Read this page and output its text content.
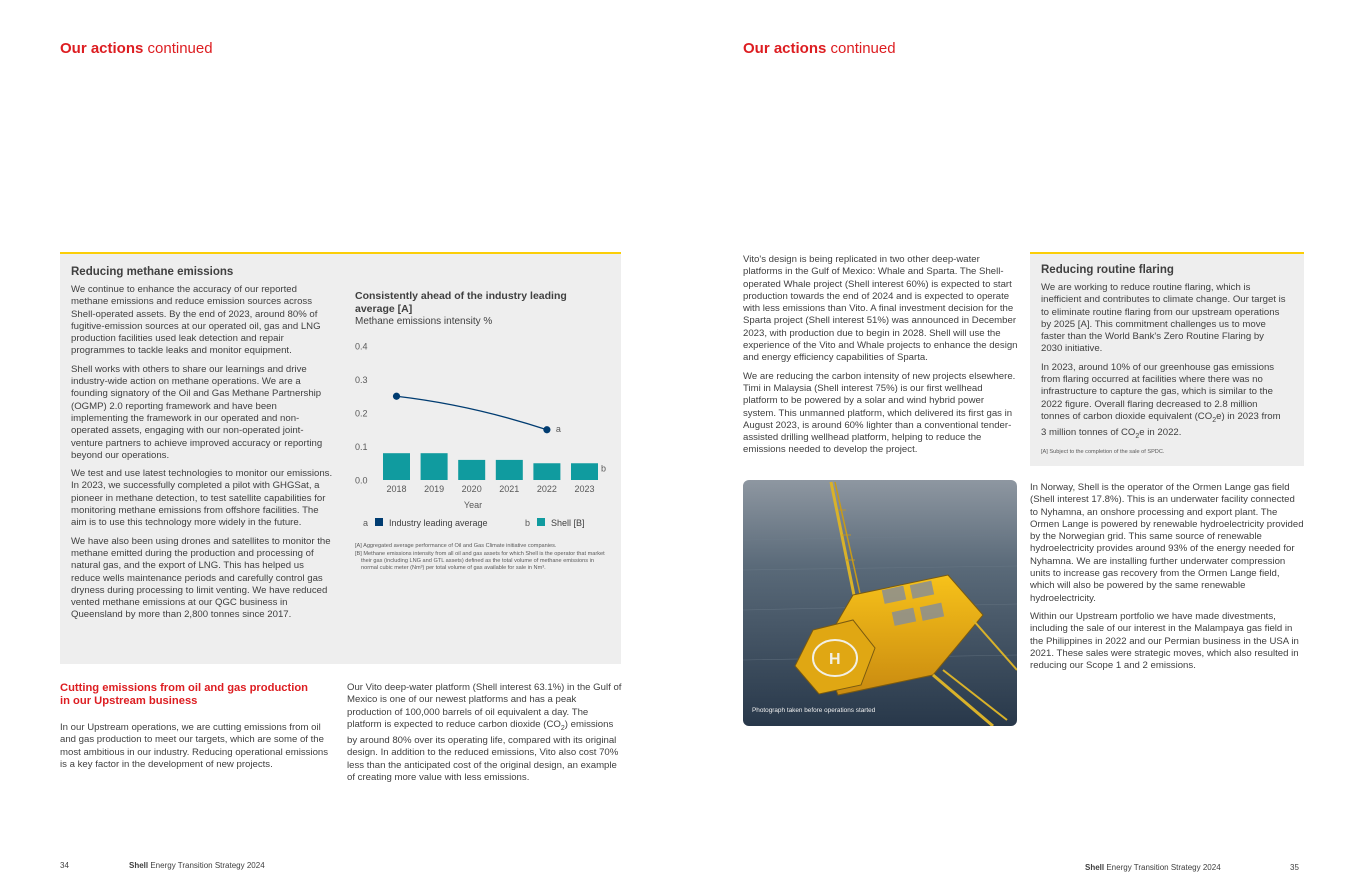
Our actions continued
Reducing methane emissions

We continue to enhance the accuracy of our reported methane emissions and reduce emission sources across Shell-operated assets. By the end of 2023, around 80% of fugitive-emission sources at our operated oil, gas and LNG production facilities used leak detection and repair programmes to tackle leaks and monitor equipment.

Shell works with others to share our learnings and drive industry-wide action on methane operations. We are a founding signatory of the Oil and Gas Methane Partnership (OGMP) 2.0 reporting framework and have been implementing the framework in our operated and non-operated assets, engaging with our non-operated joint-venture partners to achieve improved accuracy or reporting beyond our operations.

We test and use latest technologies to monitor our emissions. In 2023, we successfully completed a pilot with GHGSat, a pioneer in methane detection, to test satellite capabilities for monitoring methane emissions from offshore facilities. The aim is to use this technology more widely in the future.

We have also been using drones and satellites to monitor the methane emitted during the production and processing of natural gas, and the export of LNG. This has helped us reduce wells maintenance periods and carefully control gas dryness during processing to limit venting. We have reduced vented methane emissions at our QGC business in Queensland by more than 2,800 tonnes since 2017.

Consistently ahead of the industry leading average [A]
Methane emissions intensity %
0.0
0.1
0.2
0.3
0.4
2018 2019 2020 2021 2022 2023
b
a
Year
a Industry leading average	b Shell [B]
[A] Aggregated average performance of Oil and Gas Climate initiative companies.
[B] Methane emissions intensity from all oil and gas assets for which Shell is the operator that market their gas (including LNG and GTL assets) defined as the total volume of methane emissions in normal cubic meter (Nm³) per total volume of gas available for sale in Nm³.
Cutting emissions from oil and gas production in our Upstream business

In our Upstream operations, we are cutting emissions from oil and gas production to meet our targets, which are some of the most ambitious in our industry. Reducing operational emissions is a key factor in the development of new projects.

Our Vito deep-water platform (Shell interest 63.1%) in the Gulf of Mexico is one of our newest platforms and has a peak production of 100,000 barrels of oil equivalent a day. The platform is expected to reduce carbon dioxide $(CO_2)$ emissions by around 80% over its operating life, compared with its original design. In addition to the reduced emissions, Vito also cost 70% less than the anticipated cost of the original design, an example of creating more value with less emissions.

34	Shell Energy Transition Strategy 2024
Our actions continued

Vito's design is being replicated in two other deep-water platforms in the Gulf of Mexico: Whale and Sparta. The Shell-operated Whale project (Shell interest 60%) is expected to start production towards the end of 2024 and is expected to operate with less emissions than Vito. A final investment decision for the Sparta project (Shell interest 51%) was announced in December 2023, with production due to begin in 2028. Shell will use the experience of the Vito and Whale projects to enhance the design and energy efficiency capabilities of Sparta.

We are reducing the carbon intensity of new projects elsewhere. Timi in Malaysia (Shell interest 75%) is our first wellhead platform to be powered by a solar and wind hybrid power system. This unmanned platform, which delivered its first gas in August 2023, is around 60% lighter than a conventional tender-assisted drilling wellhead platform, helping to reduce the emissions needed to develop the project.

H
Photograph taken before operations started
Reducing routine flaring

We are working to reduce routine flaring, which is inefficient and contributes to climate change. Our target is to eliminate routine flaring from our upstream operations by 2025 [A]. This commitment challenges us to move faster than the World Bank's Zero Routine Flaring by 2030 initiative.

In 2023, around 10% of our greenhouse gas emissions from flaring occurred at facilities where there was no infrastructure to capture the gas, which is similar to the 2022 figure. Overall flaring decreased to 2.8 million tonnes of carbon dioxide equivalent $(CO_2e)$ in 2023 from 3 million tonnes of $CO_2e$ in 2022.

[A] Subject to the completion of the sale of SPDC.

In Norway, Shell is the operator of the Ormen Lange gas field (Shell interest 17.8%). This is an underwater facility connected to Nyhamna, an onshore processing and export plant. The Ormen Lange is powered by renewable hydroelectricity provided by the Norwegian grid. This same source of renewable hydroelectricity provides around 93% of the energy needed for Nyhamna. We are installing further underwater compression units to increase gas recovery from the Ormen Lange field, which will also be powered by the same renewable hydroelectricity.

Within our Upstream portfolio we have made divestments, including the sale of our interest in the Malampaya gas field in the Philippines in 2022 and our Permian business in the USA in 2021. These sales were strategic moves, which also resulted in reducing our Scope 1 and 2 emissions.

Shell Energy Transition Strategy 2024	35
